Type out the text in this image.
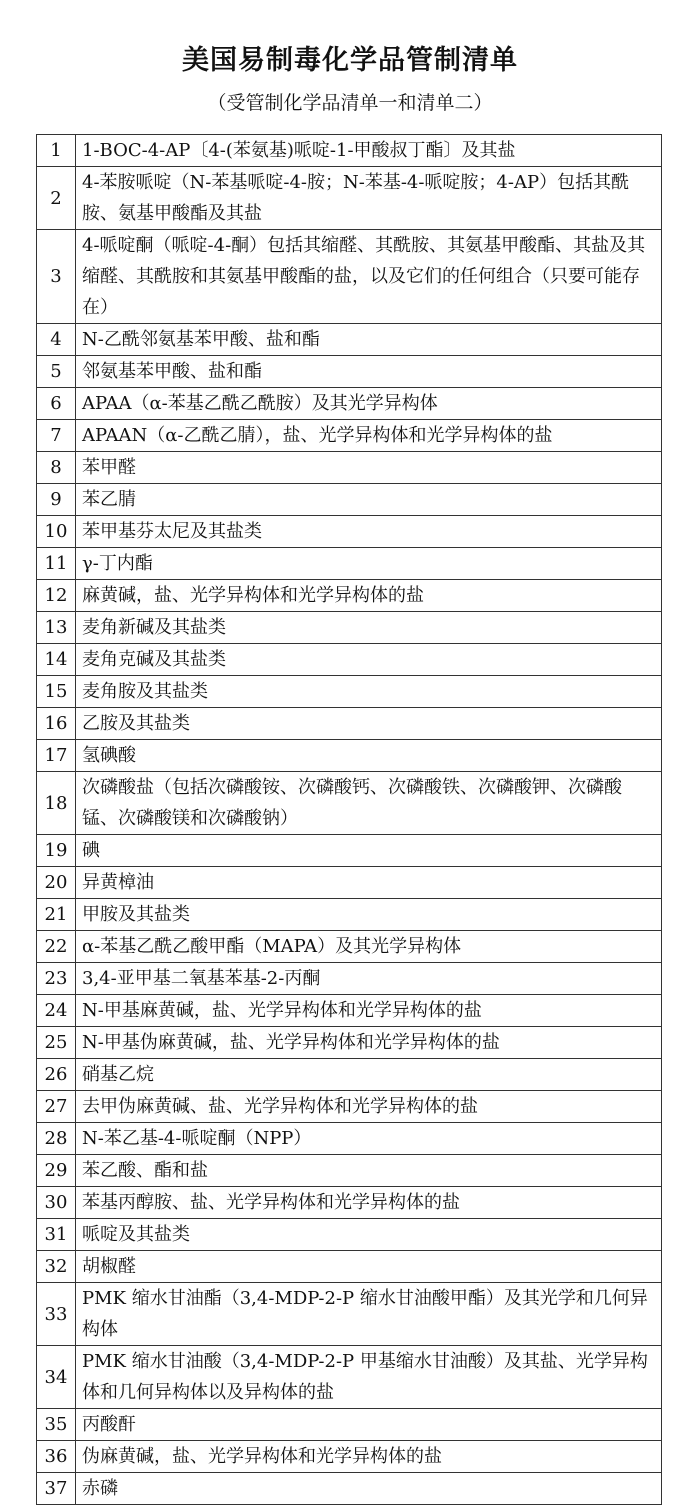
美国易制毒化学品管制清单
（受管制化学品清单一和清单二）
1	1-BOC-4-AP〔4-(苯氨基)哌啶-1-甲酸叔丁酯〕及其盐
2	4-苯胺哌啶（N-苯基哌啶-4-胺；N-苯基-4-哌啶胺；4-AP）包括其酰胺、氨基甲酸酯及其盐
3	4-哌啶酮（哌啶-4-酮）包括其缩醛、其酰胺、其氨基甲酸酯、其盐及其缩醛、其酰胺和其氨基甲酸酯的盐，以及它们的任何组合（只要可能存在）
4	N-乙酰邻氨基苯甲酸、盐和酯
5	邻氨基苯甲酸、盐和酯
6	APAA（α-苯基乙酰乙酰胺）及其光学异构体
7	APAAN（α-乙酰乙腈），盐、光学异构体和光学异构体的盐
8	苯甲醛
9	苯乙腈
10	苯甲基芬太尼及其盐类
11	γ-丁内酯
12	麻黄碱，盐、光学异构体和光学异构体的盐
13	麦角新碱及其盐类
14	麦角克碱及其盐类
15	麦角胺及其盐类
16	乙胺及其盐类
17	氢碘酸
18	次磷酸盐（包括次磷酸铵、次磷酸钙、次磷酸铁、次磷酸钾、次磷酸锰、次磷酸镁和次磷酸钠）
19	碘
20	异黄樟油
21	甲胺及其盐类
22	α-苯基乙酰乙酸甲酯（MAPA）及其光学异构体
23	3,4-亚甲基二氧基苯基-2-丙酮
24	N-甲基麻黄碱，盐、光学异构体和光学异构体的盐
25	N-甲基伪麻黄碱，盐、光学异构体和光学异构体的盐
26	硝基乙烷
27	去甲伪麻黄碱、盐、光学异构体和光学异构体的盐
28	N-苯乙基-4-哌啶酮（NPP）
29	苯乙酸、酯和盐
30	苯基丙醇胺、盐、光学异构体和光学异构体的盐
31	哌啶及其盐类
32	胡椒醛
33	PMK 缩水甘油酯（3,4-MDP-2-P 缩水甘油酸甲酯）及其光学和几何异构体
34	PMK 缩水甘油酸（3,4-MDP-2-P 甲基缩水甘油酸）及其盐、光学异构体和几何异构体以及异构体的盐
35	丙酸酐
36	伪麻黄碱，盐、光学异构体和光学异构体的盐
37	赤磷
